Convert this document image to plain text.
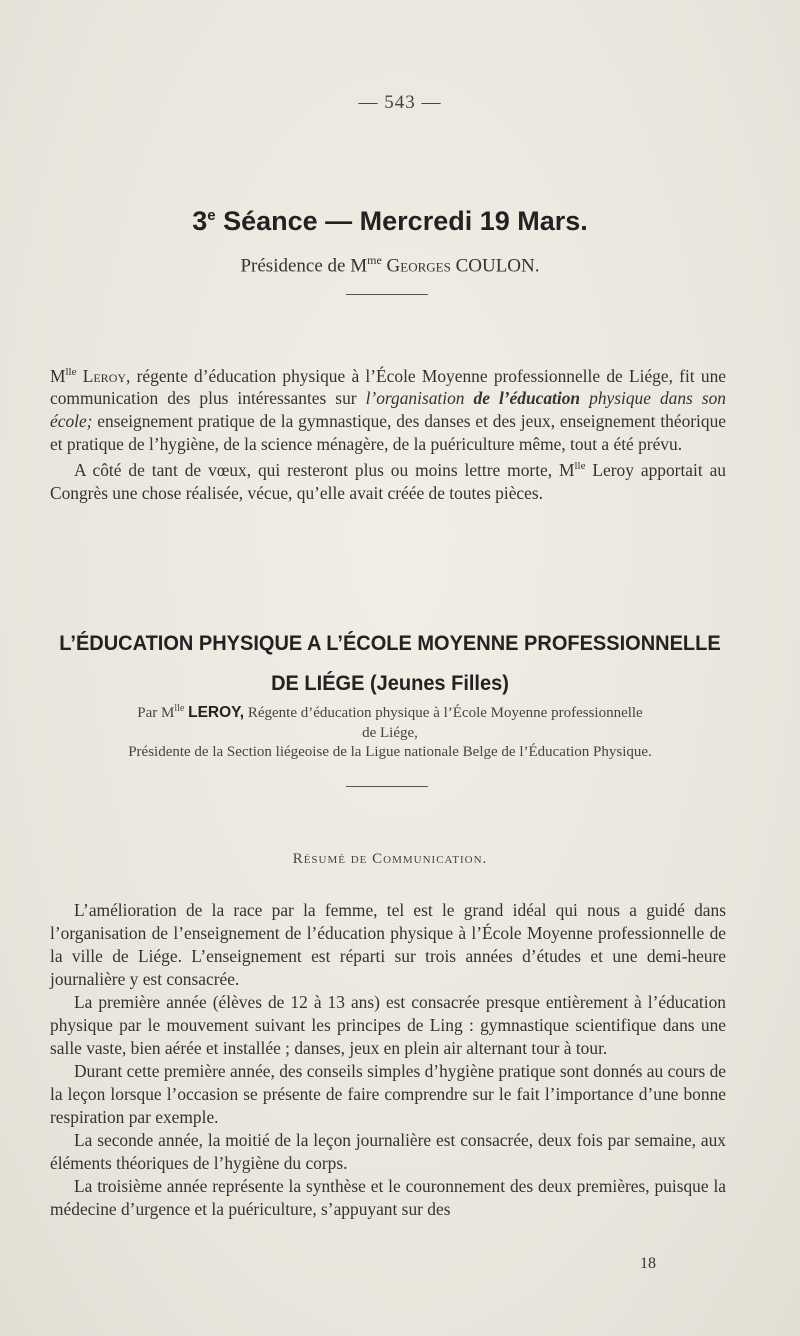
— 543 —
3e Séance — Mercredi 19 Mars.
Présidence de $M^{me}$ Georges COULON.

$M^{lle}$ Leroy, régente d’éducation physique à l’École Moyenne professionnelle de Liége, fit une communication des plus intéressantes sur l’organisation de l’éducation physique dans son école; enseignement pratique de la gymnastique, des danses et des jeux, enseignement théorique et pratique de l’hygiène, de la science ménagère, de la puériculture même, tout a été prévu.

A côté de tant de vœux, qui resteront plus ou moins lettre morte, $M^{lle}$ Leroy apportait au Congrès une chose réalisée, vécue, qu’elle avait créée de toutes pièces.

L’ÉDUCATION PHYSIQUE A L’ÉCOLE MOYENNE PROFESSIONNELLE
DE LIÉGE (Jeunes Filles)
Par $M^{lle}$ LEROY, Régente d’éducation physique à l’École Moyenne professionnelle
de Liége,
Présidente de la Section liégeoise de la Ligue nationale Belge de l’Éducation Physique.
Résumé de Communication.

L’amélioration de la race par la femme, tel est le grand idéal qui nous a guidé dans l’organisation de l’enseignement de l’éducation physique à l’École Moyenne professionnelle de la ville de Liége. L’enseignement est réparti sur trois années d’études et une demi-heure journalière y est consacrée.

La première année (élèves de 12 à 13 ans) est consacrée presque entièrement à l’éducation physique par le mouvement suivant les principes de Ling : gymnastique scientifique dans une salle vaste, bien aérée et installée ; danses, jeux en plein air alternant tour à tour.

Durant cette première année, des conseils simples d’hygiène pratique sont donnés au cours de la leçon lorsque l’occasion se présente de faire comprendre sur le fait l’importance d’une bonne respiration par exemple.

La seconde année, la moitié de la leçon journalière est consacrée, deux fois par semaine, aux éléments théoriques de l’hygiène du corps.

La troisième année représente la synthèse et le couronnement des deux premières, puisque la médecine d’urgence et la puériculture, s’appuyant sur des

18
